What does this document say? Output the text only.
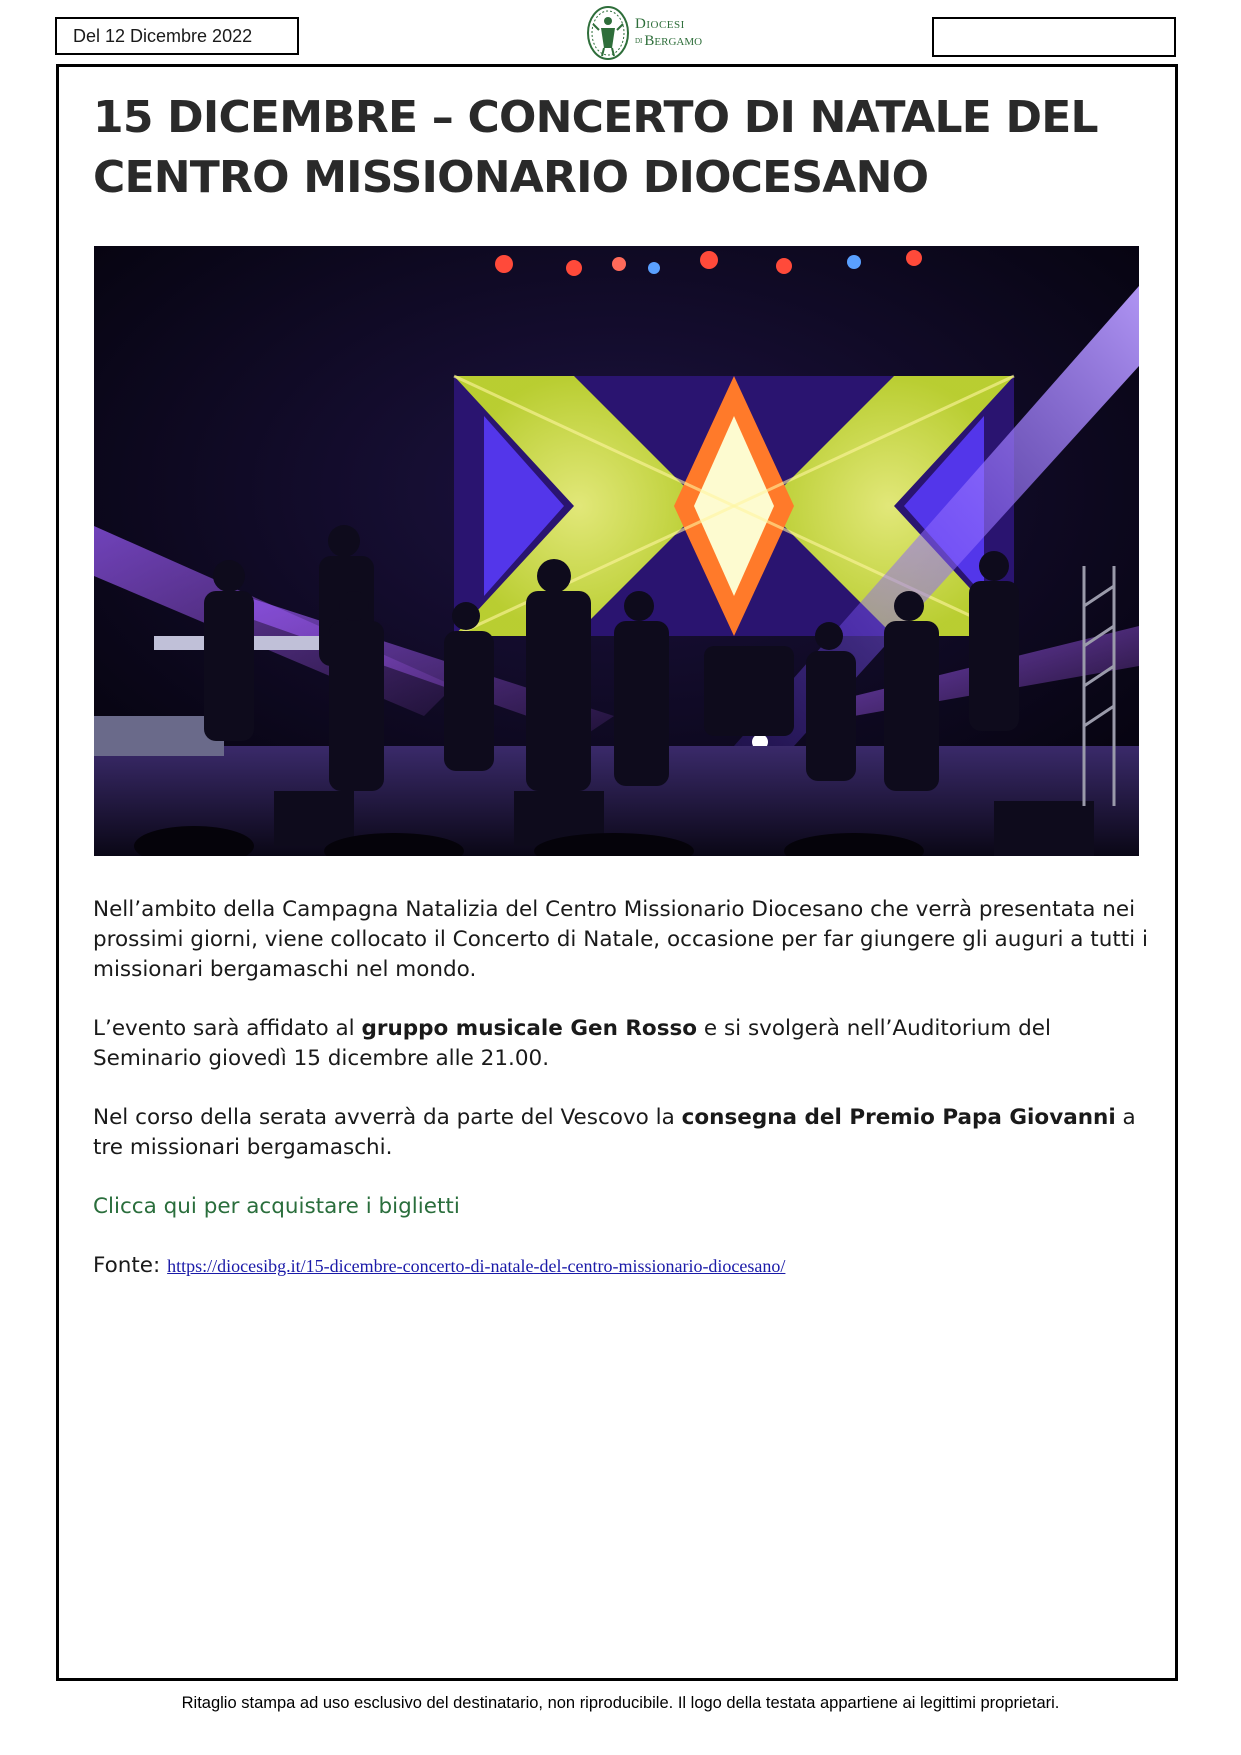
Del 12 Dicembre 2022
DIOCESI
DI BERGAMO
15 DICEMBRE – CONCERTO DI NATALE DEL CENTRO MISSIONARIO DIOCESANO

Nell’ambito della Campagna Natalizia del Centro Missionario Diocesano che verrà presentata nei prossimi giorni, viene collocato il Concerto di Natale, occasione per far giungere gli auguri a tutti i missionari bergamaschi nel mondo.

L’evento sarà affidato al gruppo musicale Gen Rosso e si svolgerà nell’Auditorium del Seminario giovedì 15 dicembre alle 21.00.

Nel corso della serata avverrà da parte del Vescovo la consegna del Premio Papa Giovanni a tre missionari bergamaschi.

Clicca qui per acquistare i biglietti

Fonte: https://diocesibg.it/15-dicembre-concerto-di-natale-del-centro-missionario-diocesano/

Ritaglio stampa ad uso esclusivo del destinatario, non riproducibile. Il logo della testata appartiene ai legittimi proprietari.
